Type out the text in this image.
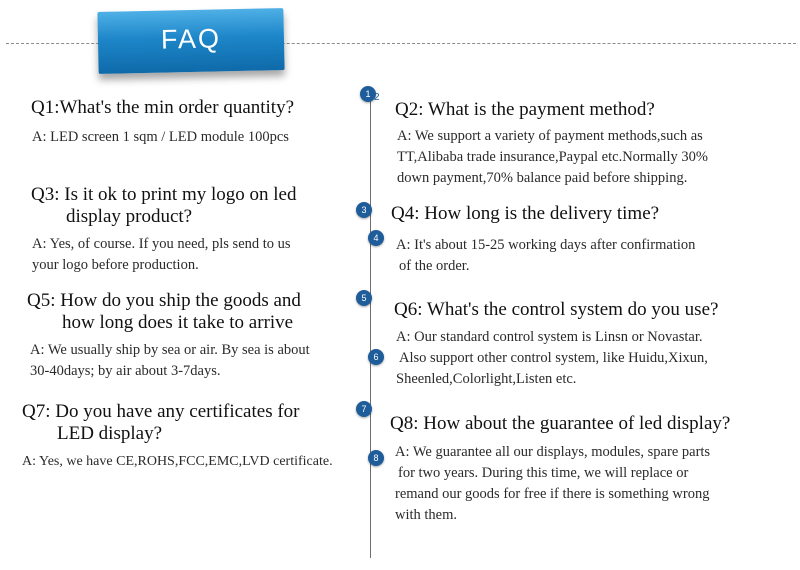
FAQ
1 2
3
4
5
6
7
8
Q1:What's the min order quantity?
A: LED screen 1 sqm / LED module 100pcs
Q3: Is it ok to print my logo on led
display product?
A: Yes, of course. If you need, pls send to us
your logo before production.
Q5: How do you ship the goods and
how long does it take to arrive
A: We usually ship by sea or air. By sea is about
30-40days; by air about 3-7days.
Q7: Do you have any certificates for
LED display?
A: Yes, we have CE,ROHS,FCC,EMC,LVD certificate.
Q2: What is the payment method?
A: We support a variety of payment methods,such as
TT,Alibaba trade insurance,Paypal etc.Normally 30%
down payment,70% balance paid before shipping.
Q4: How long is the delivery time?
A: It's about 15-25 working days after confirmation
of the order.
Q6: What's the control system do you use?
A: Our standard control system is Linsn or Novastar.
Also support other control system, like Huidu,Xixun,
Sheenled,Colorlight,Listen etc.
Q8: How about the guarantee of led display?
A: We guarantee all our displays, modules, spare parts
for two years. During this time, we will replace or
remand our goods for free if there is something wrong
with them.
